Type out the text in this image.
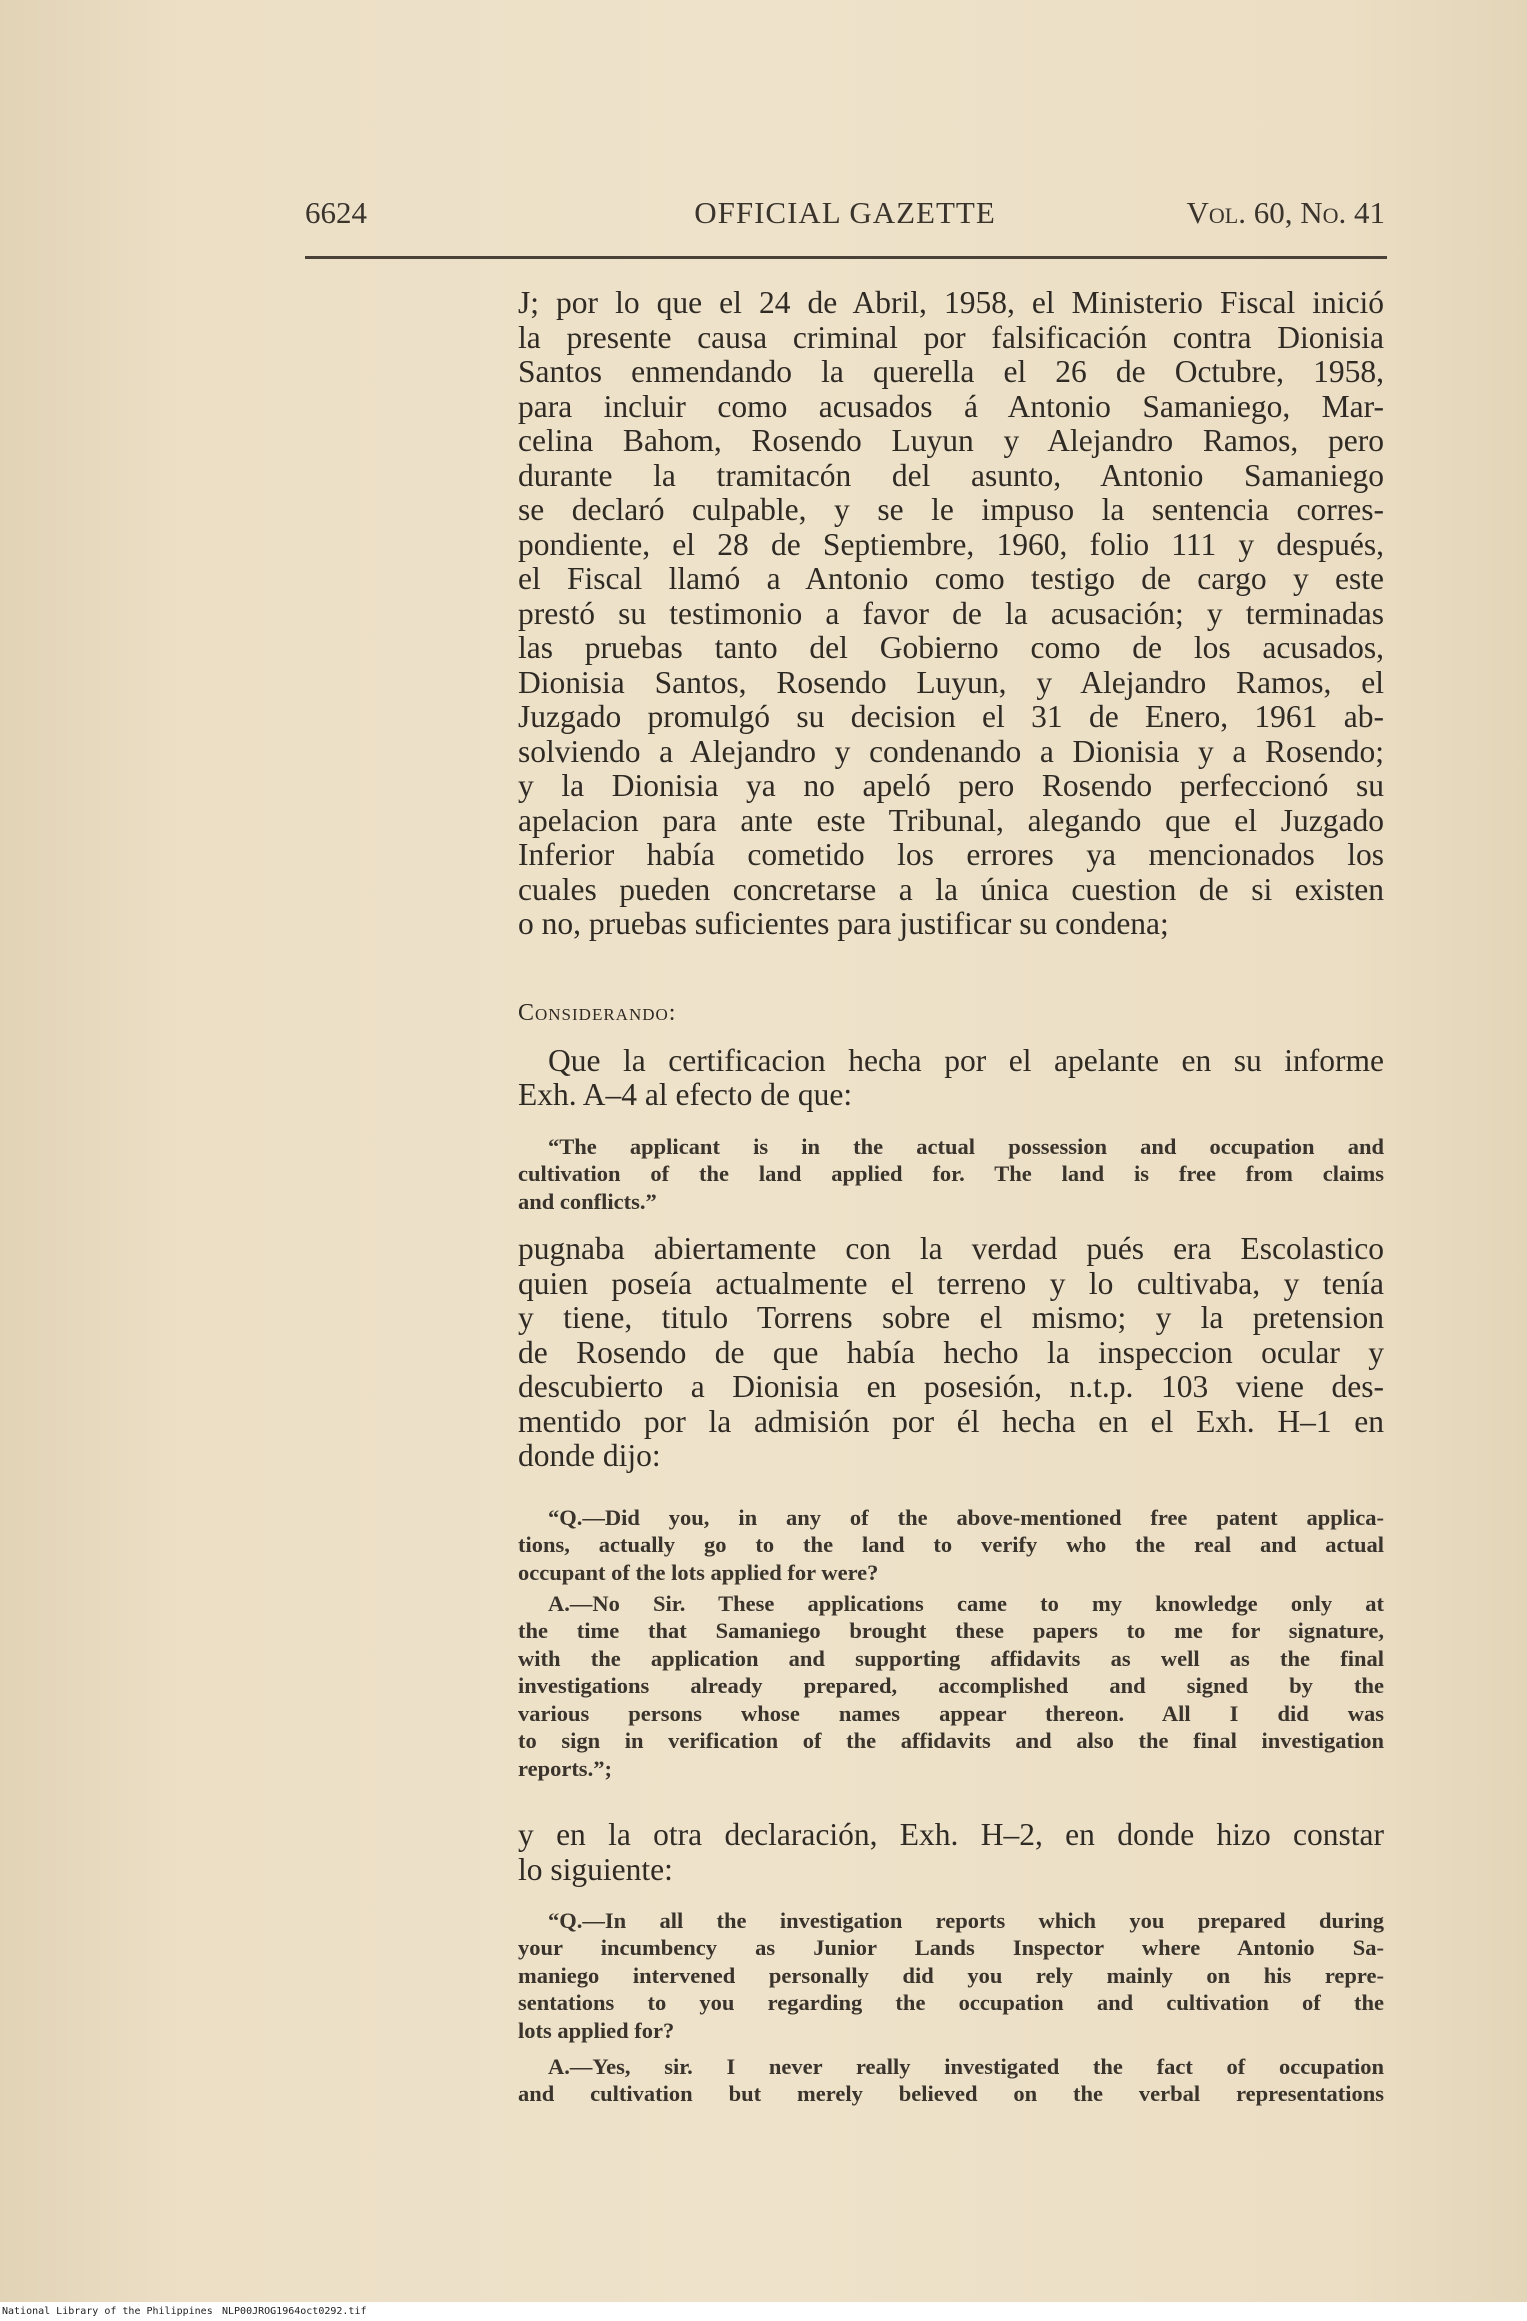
6624	OFFICIAL GAZETTE	Vol. 60, No. 41
J; por lo que el 24 de Abril, 1958, el Ministerio Fiscal inició
la presente causa criminal por falsificación contra Dionisia
Santos enmendando la querella el 26 de Octubre, 1958,
para incluir como acusados á Antonio Samaniego, Mar-
celina Bahom, Rosendo Luyun y Alejandro Ramos, pero
durante la tramitacón del asunto, Antonio Samaniego
se declaró culpable, y se le impuso la sentencia corres-
pondiente, el 28 de Septiembre, 1960, folio 111 y después,
el Fiscal llamó a Antonio como testigo de cargo y este
prestó su testimonio a favor de la acusación; y terminadas
las pruebas tanto del Gobierno como de los acusados,
Dionisia Santos, Rosendo Luyun, y Alejandro Ramos, el
Juzgado promulgó su decision el 31 de Enero, 1961 ab-
solviendo a Alejandro y condenando a Dionisia y a Rosendo;
y la Dionisia ya no apeló pero Rosendo perfeccionó su
apelacion para ante este Tribunal, alegando que el Juzgado
Inferior había cometido los errores ya mencionados los
cuales pueden concretarse a la única cuestion de si existen
o no, pruebas suficientes para justificar su condena;
Considerando:
Que la certificacion hecha por el apelante en su informe
Exh. A–4 al efecto de que:
“The applicant is in the actual possession and occupation and
cultivation of the land applied for. The land is free from claims
and conflicts.”
pugnaba abiertamente con la verdad pués era Escolastico
quien poseía actualmente el terreno y lo cultivaba, y tenía
y tiene, titulo Torrens sobre el mismo; y la pretension
de Rosendo de que había hecho la inspeccion ocular y
descubierto a Dionisia en posesión, n.t.p. 103 viene des-
mentido por la admisión por él hecha en el Exh. H–1 en
donde dijo:
“Q.—Did you, in any of the above-mentioned free patent applica-
tions, actually go to the land to verify who the real and actual
occupant of the lots applied for were?
A.—No Sir. These applications came to my knowledge only at
the time that Samaniego brought these papers to me for signature,
with the application and supporting affidavits as well as the final
investigations already prepared, accomplished and signed by the
various persons whose names appear thereon. All I did was
to sign in verification of the affidavits and also the final investigation
reports.”;
y en la otra declaración, Exh. H–2, en donde hizo constar
lo siguiente:
“Q.—In all the investigation reports which you prepared during
your incumbency as Junior Lands Inspector where Antonio Sa-
maniego intervened personally did you rely mainly on his repre-
sentations to you regarding the occupation and cultivation of the
lots applied for?
A.—Yes, sir. I never really investigated the fact of occupation
and cultivation but merely believed on the verbal representations
National Library of the Philippines NLP00JROG1964oct0292.tif
